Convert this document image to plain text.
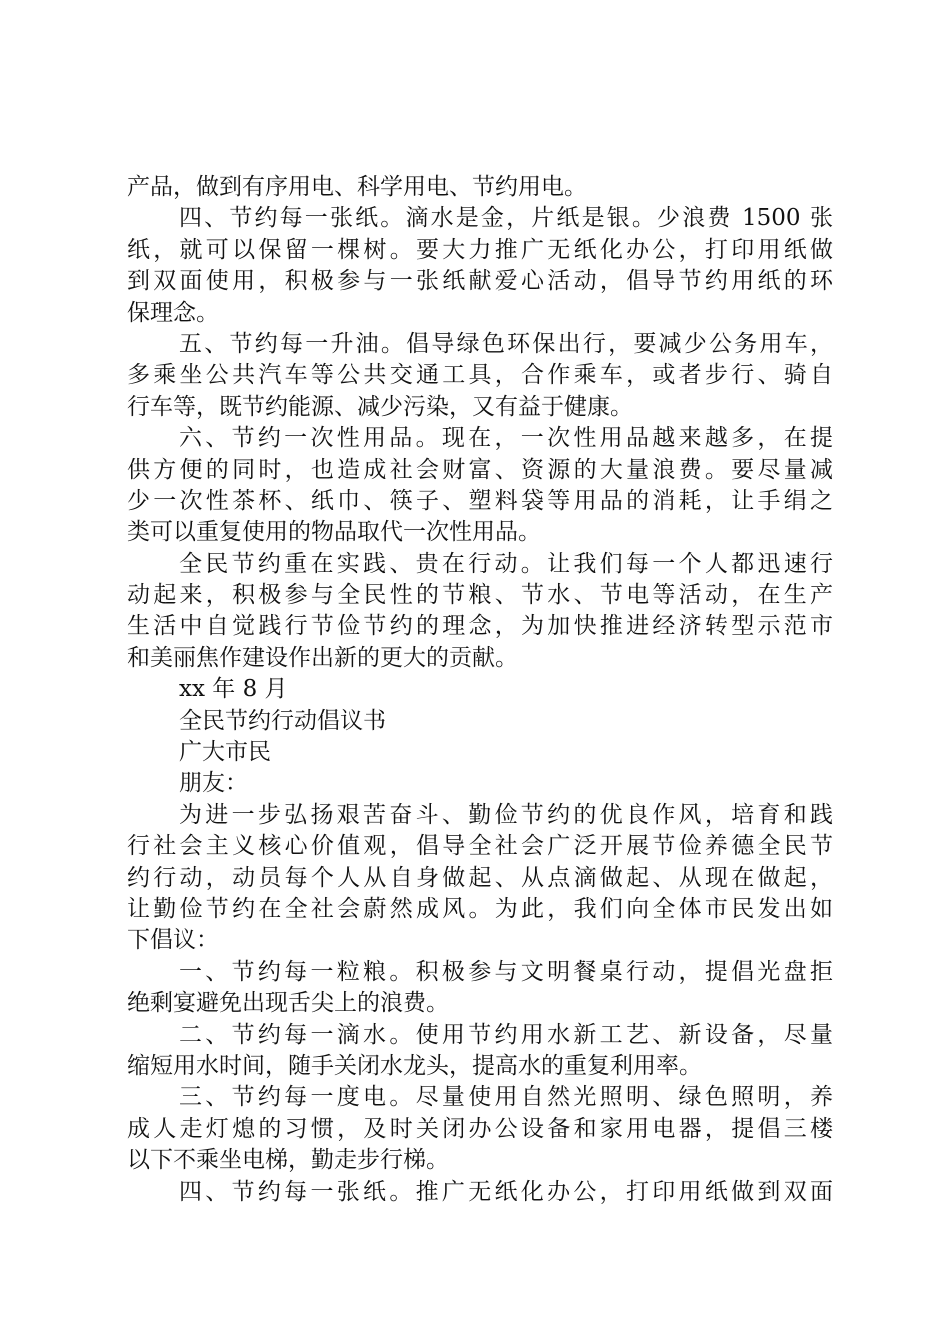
产品，做到有序用电、科学用电、节约用电。
四、节约每一张纸。滴水是金，片纸是银。少浪费 1500 张
纸，就可以保留一棵树。要大力推广无纸化办公，打印用纸做
到双面使用，积极参与一张纸献爱心活动，倡导节约用纸的环
保理念。
五、节约每一升油。倡导绿色环保出行，要减少公务用车，
多乘坐公共汽车等公共交通工具，合作乘车，或者步行、骑自
行车等，既节约能源、减少污染，又有益于健康。
六、节约一次性用品。现在，一次性用品越来越多，在提
供方便的同时，也造成社会财富、资源的大量浪费。要尽量减
少一次性茶杯、纸巾、筷子、塑料袋等用品的消耗，让手绢之
类可以重复使用的物品取代一次性用品。
全民节约重在实践、贵在行动。让我们每一个人都迅速行
动起来，积极参与全民性的节粮、节水、节电等活动，在生产
生活中自觉践行节俭节约的理念，为加快推进经济转型示范市
和美丽焦作建设作出新的更大的贡献。
xx 年 8 月
全民节约行动倡议书
广大市民
朋友：
为进一步弘扬艰苦奋斗、勤俭节约的优良作风，培育和践
行社会主义核心价值观，倡导全社会广泛开展节俭养德全民节
约行动，动员每个人从自身做起、从点滴做起、从现在做起，
让勤俭节约在全社会蔚然成风。为此，我们向全体市民发出如
下倡议：
一、节约每一粒粮。积极参与文明餐桌行动，提倡光盘拒
绝剩宴避免出现舌尖上的浪费。
二、节约每一滴水。使用节约用水新工艺、新设备，尽量
缩短用水时间，随手关闭水龙头，提高水的重复利用率。
三、节约每一度电。尽量使用自然光照明、绿色照明，养
成人走灯熄的习惯，及时关闭办公设备和家用电器，提倡三楼
以下不乘坐电梯，勤走步行梯。
四、节约每一张纸。推广无纸化办公，打印用纸做到双面
